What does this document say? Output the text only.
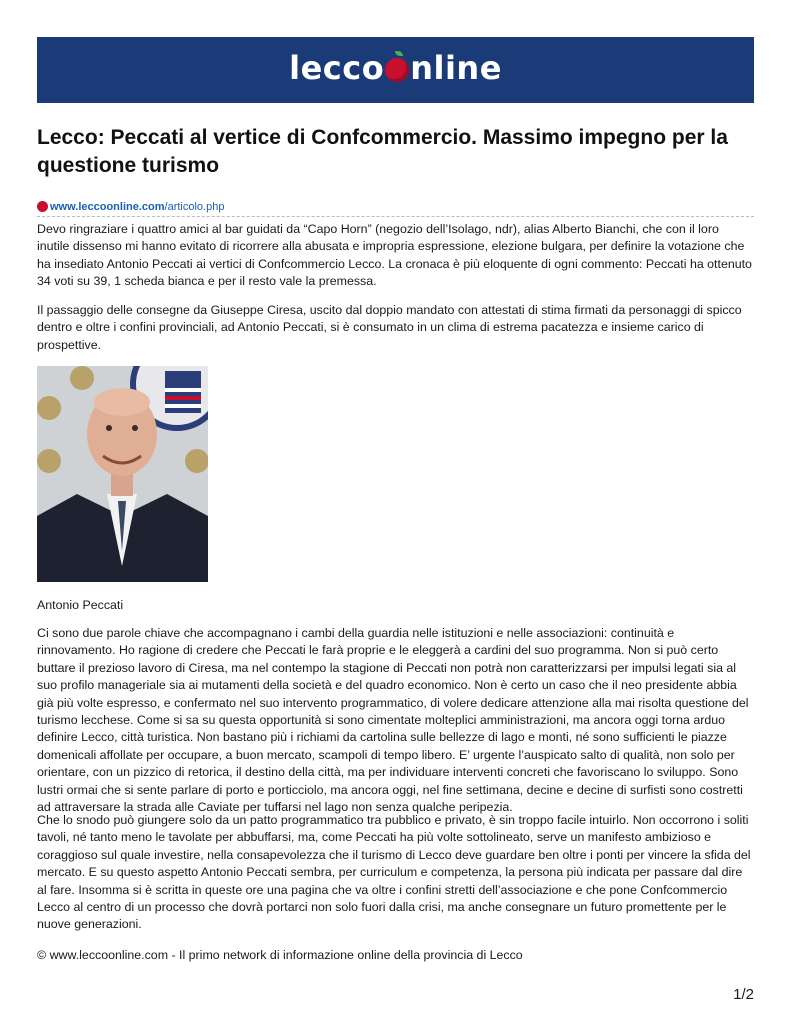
lecco nline
Lecco: Peccati al vertice di Confcommercio. Massimo impegno per la questione turismo
www.leccoonline.com/articolo.php

Devo ringraziare i quattro amici al bar guidati da “Capo Horn” (negozio dell’Isolago, ndr), alias Alberto Bianchi, che con il loro inutile dissenso mi hanno evitato di ricorrere alla abusata e impropria espressione, elezione bulgara, per definire la votazione che ha insediato Antonio Peccati ai vertici di Confcommercio Lecco. La cronaca è più eloquente di ogni commento: Peccati ha ottenuto 34 voti su 39, 1 scheda bianca e per il resto vale la premessa.

Il passaggio delle consegne da Giuseppe Ciresa, uscito dal doppio mandato con attestati di stima firmati da personaggi di spicco dentro e oltre i confini provinciali, ad Antonio Peccati, si è consumato in un clima di estrema pacatezza e insieme carico di prospettive.

Antonio Peccati

Ci sono due parole chiave che accompagnano i cambi della guardia nelle istituzioni e nelle associazioni: continuità e rinnovamento. Ho ragione di credere che Peccati le farà proprie e le eleggerà a cardini del suo programma. Non si può certo buttare il prezioso lavoro di Ciresa, ma nel contempo la stagione di Peccati non potrà non caratterizzarsi per impulsi legati sia al suo profilo manageriale sia ai mutamenti della società e del quadro economico. Non è certo un caso che il neo presidente abbia già più volte espresso, e confermato nel suo intervento programmatico, di volere dedicare attenzione alla mai risolta questione del turismo lecchese. Come si sa su questa opportunità si sono cimentate molteplici amministrazioni, ma ancora oggi torna arduo definire Lecco, città turistica. Non bastano più i richiami da cartolina sulle bellezze di lago e monti, né sono sufficienti le piazze domenicali affollate per occupare, a buon mercato, scampoli di tempo libero. E’ urgente l’auspicato salto di qualità, non solo per orientare, con un pizzico di retorica, il destino della città, ma per individuare interventi concreti che favoriscano lo sviluppo. Sono lustri ormai che si sente parlare di porto e porticciolo, ma ancora oggi, nel fine settimana, decine e decine di surfisti sono costretti ad attraversare la strada alle Caviate per tuffarsi nel lago non senza qualche peripezia.

Che lo snodo può giungere solo da un patto programmatico tra pubblico e privato, è sin troppo facile intuirlo. Non occorrono i soliti tavoli, né tanto meno le tavolate per abbuffarsi, ma, come Peccati ha più volte sottolineato, serve un manifesto ambizioso e coraggioso sul quale investire, nella consapevolezza che il turismo di Lecco deve guardare ben oltre i ponti per vincere la sfida del mercato. E su questo aspetto Antonio Peccati sembra, per curriculum e competenza, la persona più indicata per passare dal dire al fare. Insomma si è scritta in queste ore una pagina che va oltre i confini stretti dell’associazione e che pone Confcommercio Lecco al centro di un processo che dovrà portarci non solo fuori dalla crisi, ma anche consegnare un futuro promettente per le nuove generazioni.

© www.leccoonline.com - Il primo network di informazione online della provincia di Lecco
1/2
